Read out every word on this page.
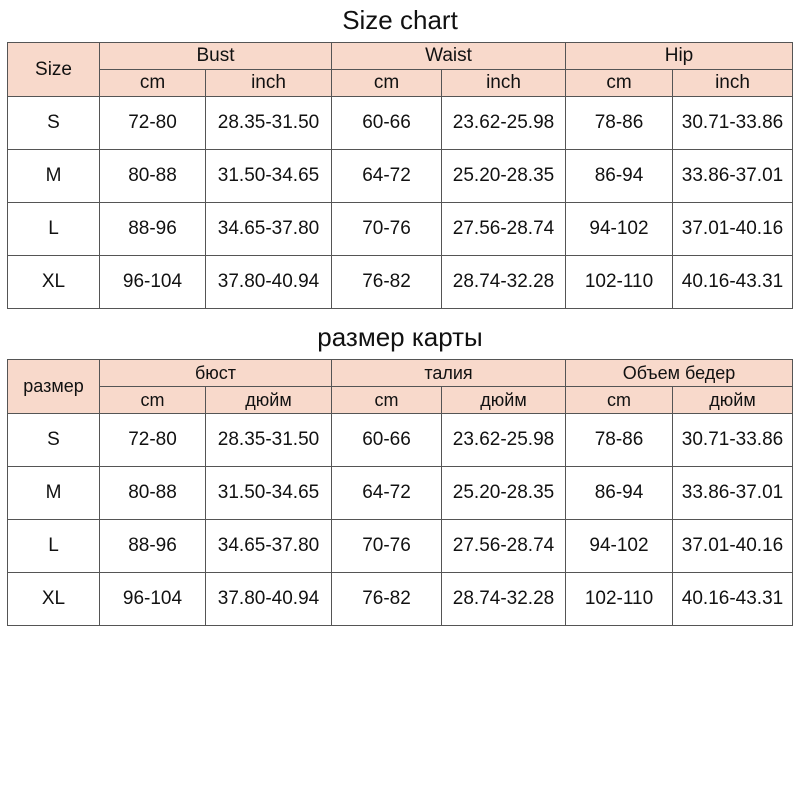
Size chart
Size	Bust		Waist		Hip	
	cm	inch	cm	inch	cm	inch
S	72-80	28.35-31.50	60-66	23.62-25.98	78-86	30.71-33.86
M	80-88	31.50-34.65	64-72	25.20-28.35	86-94	33.86-37.01
L	88-96	34.65-37.80	70-76	27.56-28.74	94-102	37.01-40.16
XL	96-104	37.80-40.94	76-82	28.74-32.28	102-110	40.16-43.31
размер карты
размер	бюст		талия		Объем бедер	
	cm	дюйм	cm	дюйм	cm	дюйм
S	72-80	28.35-31.50	60-66	23.62-25.98	78-86	30.71-33.86
M	80-88	31.50-34.65	64-72	25.20-28.35	86-94	33.86-37.01
L	88-96	34.65-37.80	70-76	27.56-28.74	94-102	37.01-40.16
XL	96-104	37.80-40.94	76-82	28.74-32.28	102-110	40.16-43.31
